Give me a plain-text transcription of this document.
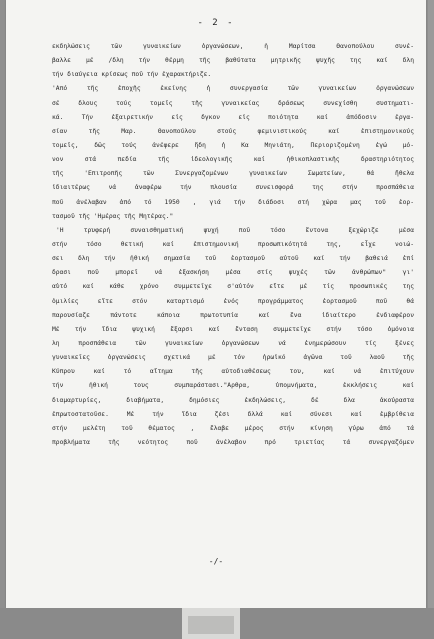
- 2 -
εκδηλώσεις τῶν γυναικείων ὀργανώσεων, ἡ Μαρίτσα Θανοπούλου συνέ-
βαλλε μέ /δλη τήν θέρμη τῆς βαθύτατα μητρικῆς ψυχῆς της καί δλη
τήν διαύγεια κρίσεως ποῦ τήν ἐχαρακτήριζε.
'Από τῆς ἐποχῆς ἐκείνης ἡ συνεργασία τῶν γυναικείων ὀργανώσεων
σέ δλους τούς τομεῖς τῆς γυναικείας δράσεως συνεχίσθη συστηματι-
κά. Τήν ἐξαιρετικήν εἰς δγκον εἰς ποιότητα καί ἀπόδοσιν ἐργα-
σίαν τῆς Μαρ. Θανοπούλου στούς φεμινιστικούς καί ἐπιστημονικούς
τομεῖς, δῶς τούς ἀνέφερε ἤδη ἡ Κα Μηνιάτη, Περιοριζομένη ἐγώ μό-
νον στά πεδία τῆς ἰδεολογικῆς καί ἠθικοπλαστικῆς δραστηριότητος
τῆς 'Επιτροπῆς τῶν Συνεργαζομένων γυναικείων Σωματείων, θά ἤθελα
ἰδιαιτέρως νά ἀναφέρω τήν πλουσία συνεισφορά της στήν προσπάθεια
ποῦ ἀνέλαβαν ἀπό τό 1950 , γιά τήν διάδοσι στή χώρα μας τοῦ ἑορ-
τασμοῦ τῆς 'Ημέρας τῆς Μητέρας."
'Η τρυφερή συναισθηματική ψυχή ποῦ τόσο ἔντονα ξεχώριζε μέσα
στήν τόσο θετική καί ἐπιστημονική προσωπικότητά της, εἶχε νοιώ-
σει δλη τήν ἠθική σημασία τοῦ ἑορτασμοῦ αὐτοῦ καί τήν βαθειά ἐπί
δρασι ποῦ μπορεῖ νά ἐξασκήση μέσα στίς ψυχές τῶν ἀνθρώπων" γι'
αὐτό καί κάθε χρόνο συμμετεῖχε σ'αὐτόν εἴτε μέ τίς προσωπικές της
ὁμιλίες εἴτε στόν καταρτισμό ἑνός προγράμματος ἑορτασμοῦ ποῦ θά
παρουσίαζε πάντοτε κάποια πρωτοτυπία καί ἕνα ἰδιαίτερο ἐνδιαφέρον
Μέ τήν ἴδια ψυχική ἔξαρσι καί ἔνταση συμμετεῖχε στήν τόσο ὁμόνοια
λη προσπάθεια τῶν γυναικείων ὀργανώσεων νά ἐνημερώσουν τίς ξένες
γυναικεῖες ὀργανώσεις σχετικά μέ τόν ἡρωϊκό ἀγῶνα τοῦ λαοῦ τῆς
Κύπρου καί τό αἴτημα τῆς αὐτοδιαθέσεως του, καί νά ἐπιτύχουν
τήν ἠθική τους συμπαράστασι."Αρθρα, ὑπομνήματα, ἐκκλήσεις καί
διαμαρτυρίες, διαβήματα, δημόσιες ἐκδηλώσεις, δέ δλα ἀκούραστα
ἐπρωτοστατοῦσε. Μέ τήν ἴδια ζέσι δλλά καί σύνεσι καί ἐμβρίθεια
στήν μελέτη τοῦ θέματος , ἔλαβε μέρος στήν κίνηση γύρω ἀπό τά
προβλήματα τῆς νεότητος ποῦ ἀνέλαβον πρό τριετίας τά συνεργαζόμεν
-/-
